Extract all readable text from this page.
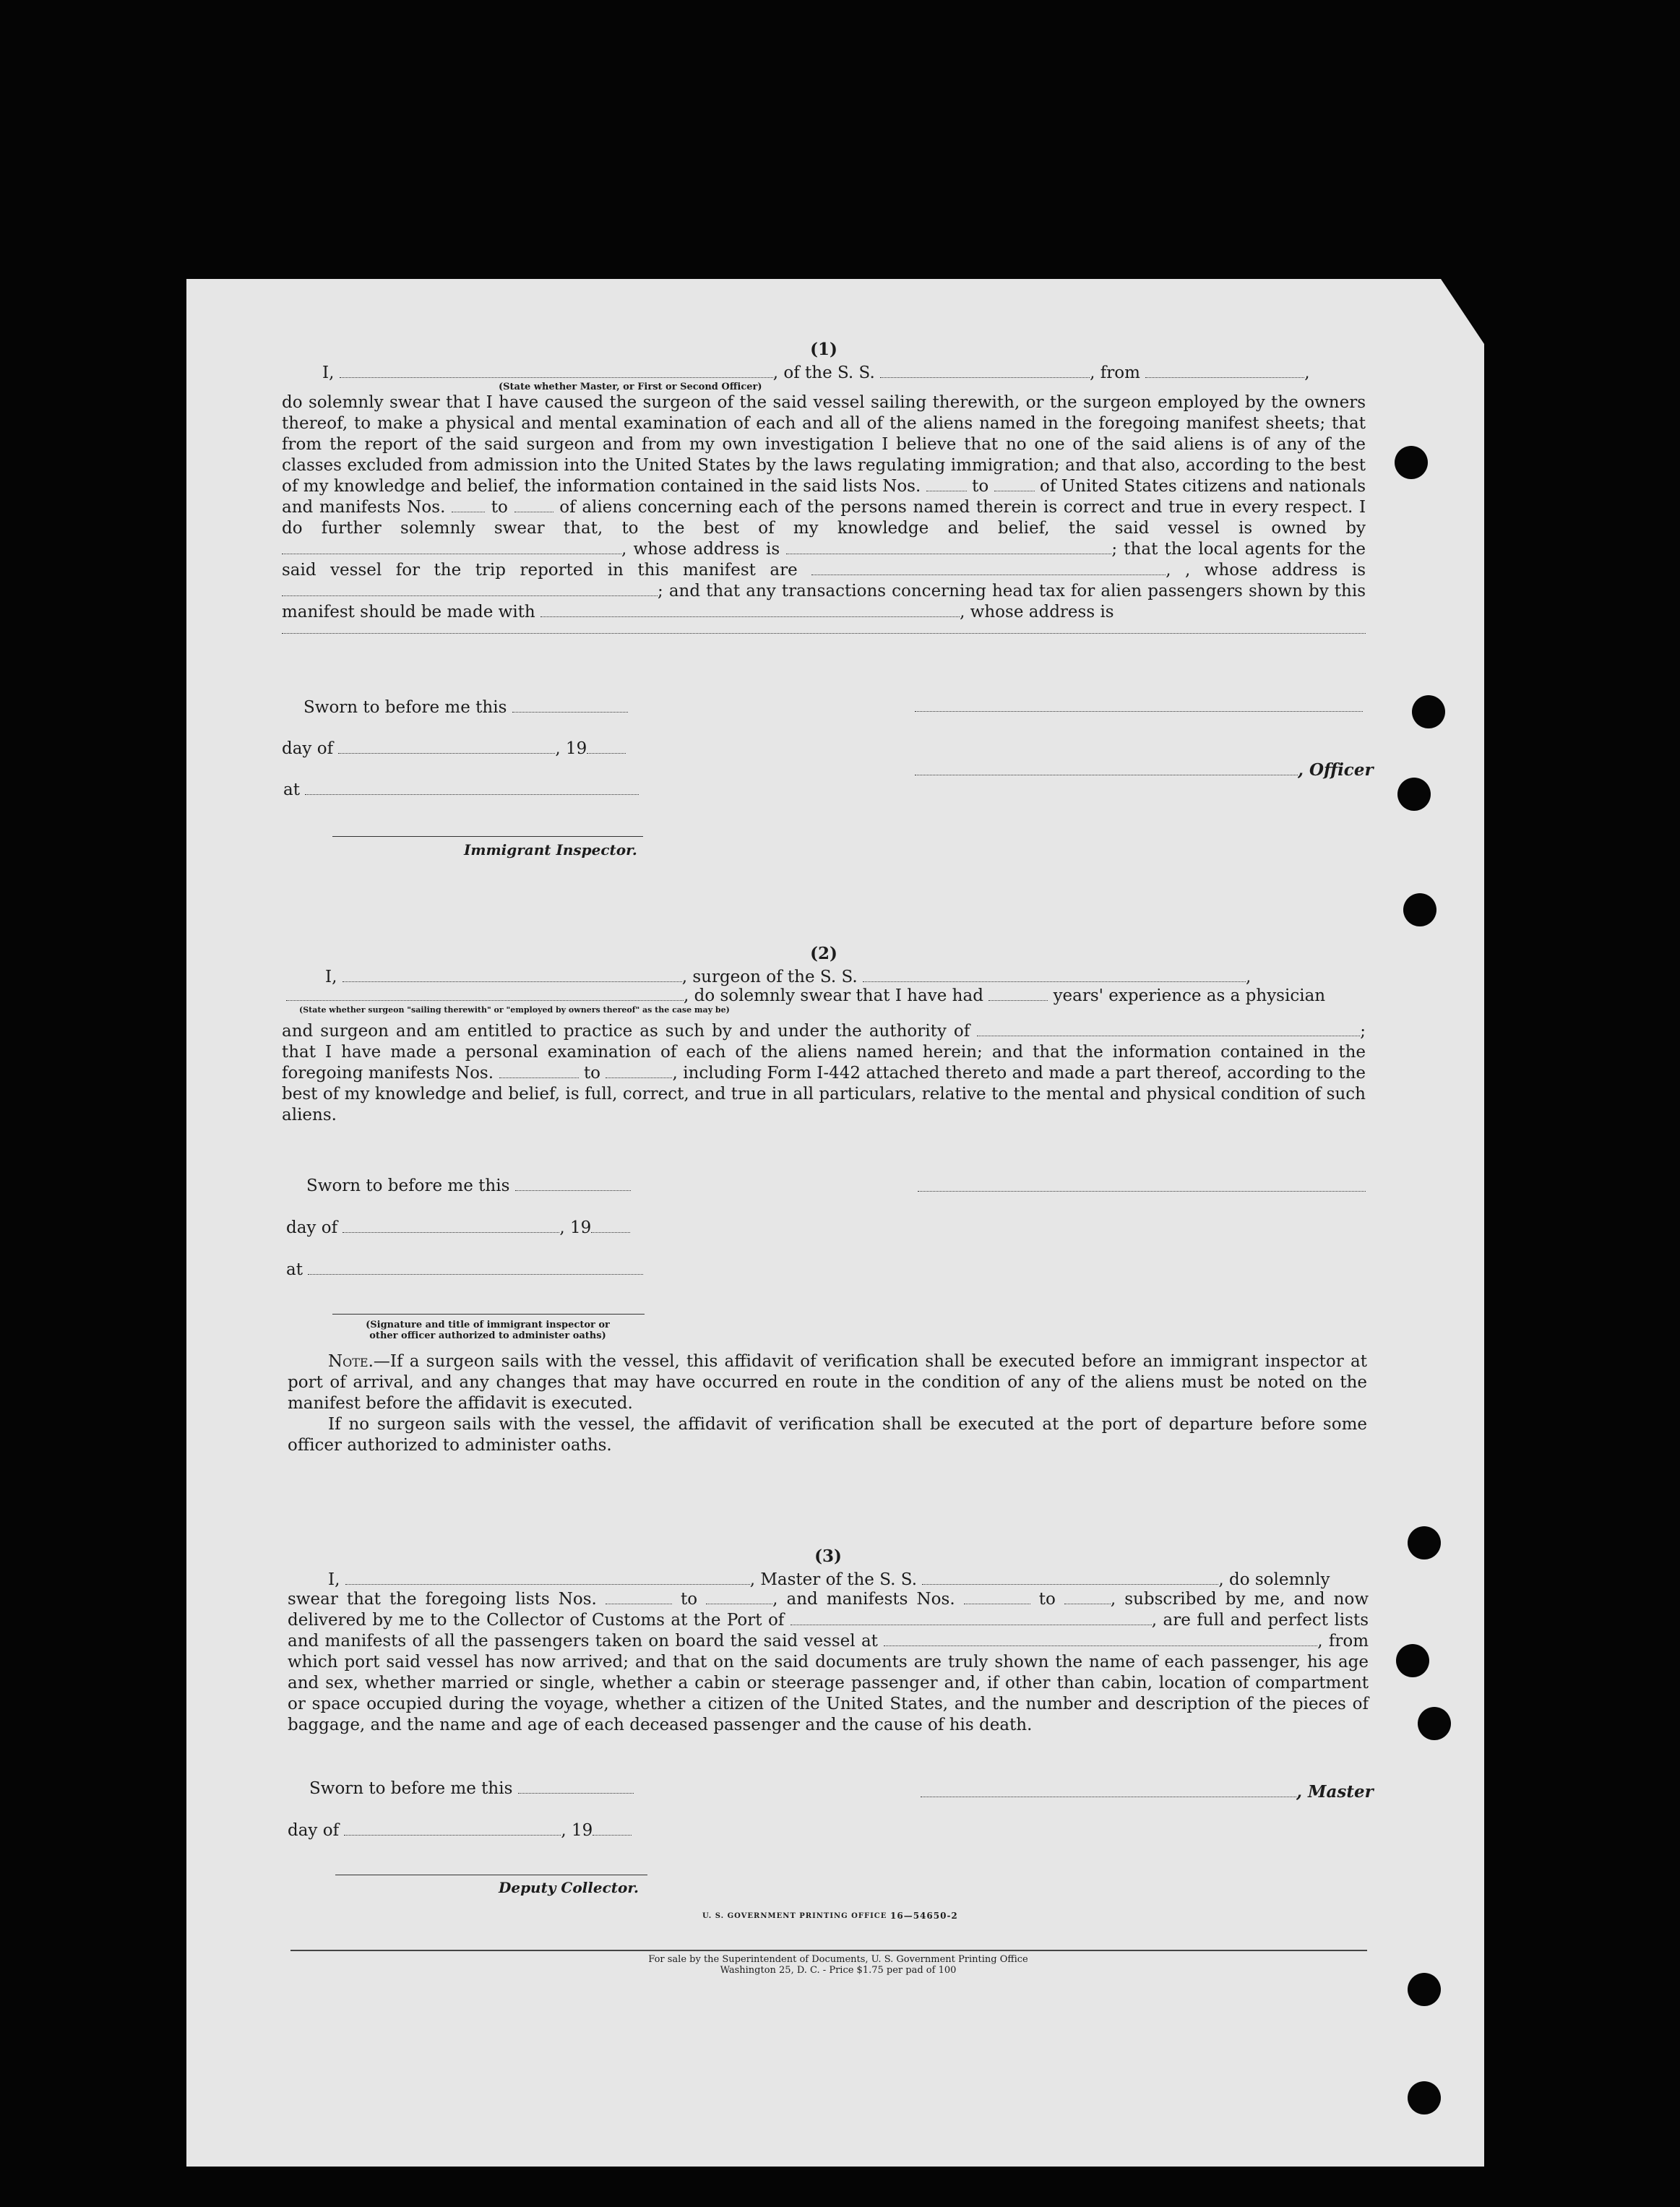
(1)
I,	, of the S. S.	, from	,
(State whether Master, or First or Second Officer)

do solemnly swear that I have caused the surgeon of the said vessel sailing therewith, or the surgeon employed by the owners thereof, to make a physical and mental examination of each and all of the aliens named in the foregoing manifest sheets; that from the report of the said surgeon and from my own investigation I believe that no one of the said aliens is of any of the classes excluded from admission into the United States by the laws regulating immigration; and that also, according to the best of my knowledge and belief, the information contained in the said lists Nos.	to	of United States citizens and nationals and manifests Nos.	to	of aliens concerning each of the persons named therein is correct and true in every respect. I do further solemnly swear that, to the best of my knowledge and belief, the said vessel is owned by , whose address is	; that the local agents for the said vessel for the trip reported in this manifest are	, , whose address is ; and that any transactions concerning head tax for alien passengers shown by this manifest should be made with	, whose address is

Sworn to before me this
day of	, 19
at
Immigrant Inspector.
, Officer
(2)
I,	, surgeon of the S. S.	,
, do solemnly swear that I have had	years' experience as a physician
(State whether surgeon "sailing therewith" or "employed by owners thereof" as the case may be)

and surgeon and am entitled to practice as such by and under the authority of	; that I have made a personal examination of each of the aliens named herein; and that the information contained in the foregoing manifests Nos.	to	, including Form I-442 attached thereto and made a part thereof, according to the best of my knowledge and belief, is full, correct, and true in all particulars, relative to the mental and physical condition of such aliens.

Sworn to before me this
day of	, 19
at
(Signature and title of immigrant inspector or
other officer authorized to administer oaths)

Note.—If a surgeon sails with the vessel, this affidavit of verification shall be executed before an immigrant inspector at port of arrival, and any changes that may have occurred en route in the condition of any of the aliens must be noted on the manifest before the affidavit is executed.

If no surgeon sails with the vessel, the affidavit of verification shall be executed at the port of departure before some officer authorized to administer oaths.

(3)
I,	, Master of the S. S.	, do solemnly

swear that the foregoing lists Nos.	to	, and manifests Nos.	to	, subscribed by me, and now delivered by me to the Collector of Customs at the Port of	, are full and perfect lists and manifests of all the passengers taken on board the said vessel at	, from which port said vessel has now arrived; and that on the said documents are truly shown the name of each passenger, his age and sex, whether married or single, whether a cabin or steerage passenger and, if other than cabin, location of compartment or space occupied during the voyage, whether a citizen of the United States, and the number and description of the pieces of baggage, and the name and age of each deceased passenger and the cause of his death.

Sworn to before me this	, Master
day of	, 19
Deputy Collector.
U. S. GOVERNMENT PRINTING OFFICE 16—54650-2
For sale by the Superintendent of Documents, U. S. Government Printing Office
Washington 25, D. C. - Price $1.75 per pad of 100
